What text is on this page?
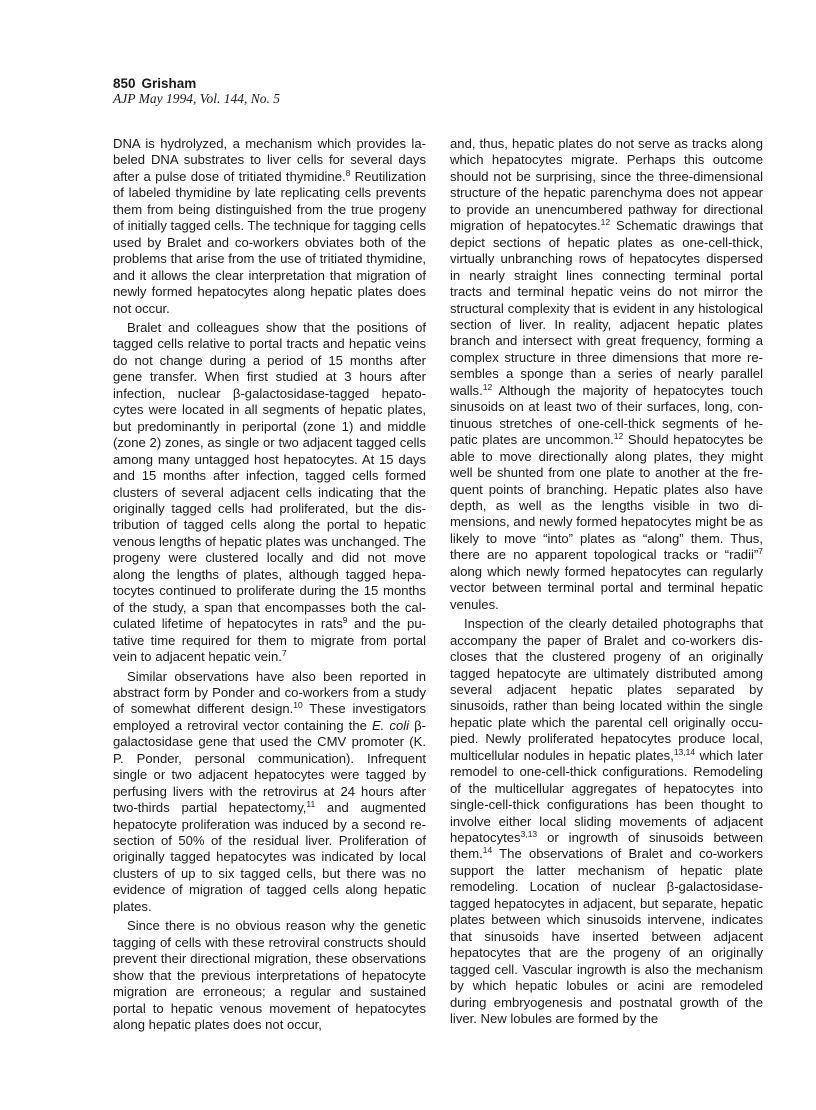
850 Grisham
AJP May 1994, Vol. 144, No. 5

DNA is hydrolyzed, a mechanism which provides labeled DNA substrates to liver cells for several days after a pulse dose of tritiated thymidine.$^8$ Reutilization of labeled thymidine by late replicating cells prevents them from being distinguished from the true progeny of initially tagged cells. The technique for tagging cells used by Bralet and co-workers obviates both of the problems that arise from the use of tritiated thymidine, and it allows the clear interpretation that migration of newly formed hepatocytes along hepatic plates does not occur.

Bralet and colleagues show that the positions of tagged cells relative to portal tracts and hepatic veins do not change during a period of 15 months after gene transfer. When first studied at 3 hours after infection, nuclear β-galactosidase-tagged hepatocytes were located in all segments of hepatic plates, but predominantly in periportal (zone 1) and middle (zone 2) zones, as single or two adjacent tagged cells among many untagged host hepatocytes. At 15 days and 15 months after infection, tagged cells formed clusters of several adjacent cells indicating that the originally tagged cells had proliferated, but the distribution of tagged cells along the portal to hepatic venous lengths of hepatic plates was unchanged. The progeny were clustered locally and did not move along the lengths of plates, although tagged hepatocytes continued to proliferate during the 15 months of the study, a span that encompasses both the calculated lifetime of hepatocytes in rats$^9$ and the putative time required for them to migrate from portal vein to adjacent hepatic vein.$^7$

Similar observations have also been reported in abstract form by Ponder and co-workers from a study of somewhat different design.$^{10}$ These investigators employed a retroviral vector containing the E. coli β-galactosidase gene that used the CMV promoter (K. P. Ponder, personal communication). Infrequent single or two adjacent hepatocytes were tagged by perfusing livers with the retrovirus at 24 hours after two-thirds partial hepatectomy,$^{11}$ and augmented hepatocyte proliferation was induced by a second resection of 50% of the residual liver. Proliferation of originally tagged hepatocytes was indicated by local clusters of up to six tagged cells, but there was no evidence of migration of tagged cells along hepatic plates.

Since there is no obvious reason why the genetic tagging of cells with these retroviral constructs should prevent their directional migration, these observations show that the previous interpretations of hepatocyte migration are erroneous; a regular and sustained portal to hepatic venous movement of hepatocytes along hepatic plates does not occur,

and, thus, hepatic plates do not serve as tracks along which hepatocytes migrate. Perhaps this outcome should not be surprising, since the three-dimensional structure of the hepatic parenchyma does not appear to provide an unencumbered pathway for directional migration of hepatocytes.$^{12}$ Schematic drawings that depict sections of hepatic plates as one-cell-thick, virtually unbranching rows of hepatocytes dispersed in nearly straight lines connecting terminal portal tracts and terminal hepatic veins do not mirror the structural complexity that is evident in any histological section of liver. In reality, adjacent hepatic plates branch and intersect with great frequency, forming a complex structure in three dimensions that more resembles a sponge than a series of nearly parallel walls.$^{12}$ Although the majority of hepatocytes touch sinusoids on at least two of their surfaces, long, continuous stretches of one-cell-thick segments of hepatic plates are uncommon.$^{12}$ Should hepatocytes be able to move directionally along plates, they might well be shunted from one plate to another at the frequent points of branching. Hepatic plates also have depth, as well as the lengths visible in two dimensions, and newly formed hepatocytes might be as likely to move “into” plates as “along” them. Thus, there are no apparent topological tracks or “radii”$^7$ along which newly formed hepatocytes can regularly vector between terminal portal and terminal hepatic venules.

Inspection of the clearly detailed photographs that accompany the paper of Bralet and co-workers discloses that the clustered progeny of an originally tagged hepatocyte are ultimately distributed among several adjacent hepatic plates separated by sinusoids, rather than being located within the single hepatic plate which the parental cell originally occupied. Newly proliferated hepatocytes produce local, multicellular nodules in hepatic plates,$^{13,14}$ which later remodel to one-cell-thick configurations. Remodeling of the multicellular aggregates of hepatocytes into single-cell-thick configurations has been thought to involve either local sliding movements of adjacent hepatocytes$^{3,13}$ or ingrowth of sinusoids between them.$^{14}$ The observations of Bralet and co-workers support the latter mechanism of hepatic plate remodeling. Location of nuclear β-galactosidase-tagged hepatocytes in adjacent, but separate, hepatic plates between which sinusoids intervene, indicates that sinusoids have inserted between adjacent hepatocytes that are the progeny of an originally tagged cell. Vascular ingrowth is also the mechanism by which hepatic lobules or acini are remodeled during embryogenesis and postnatal growth of the liver. New lobules are formed by the
